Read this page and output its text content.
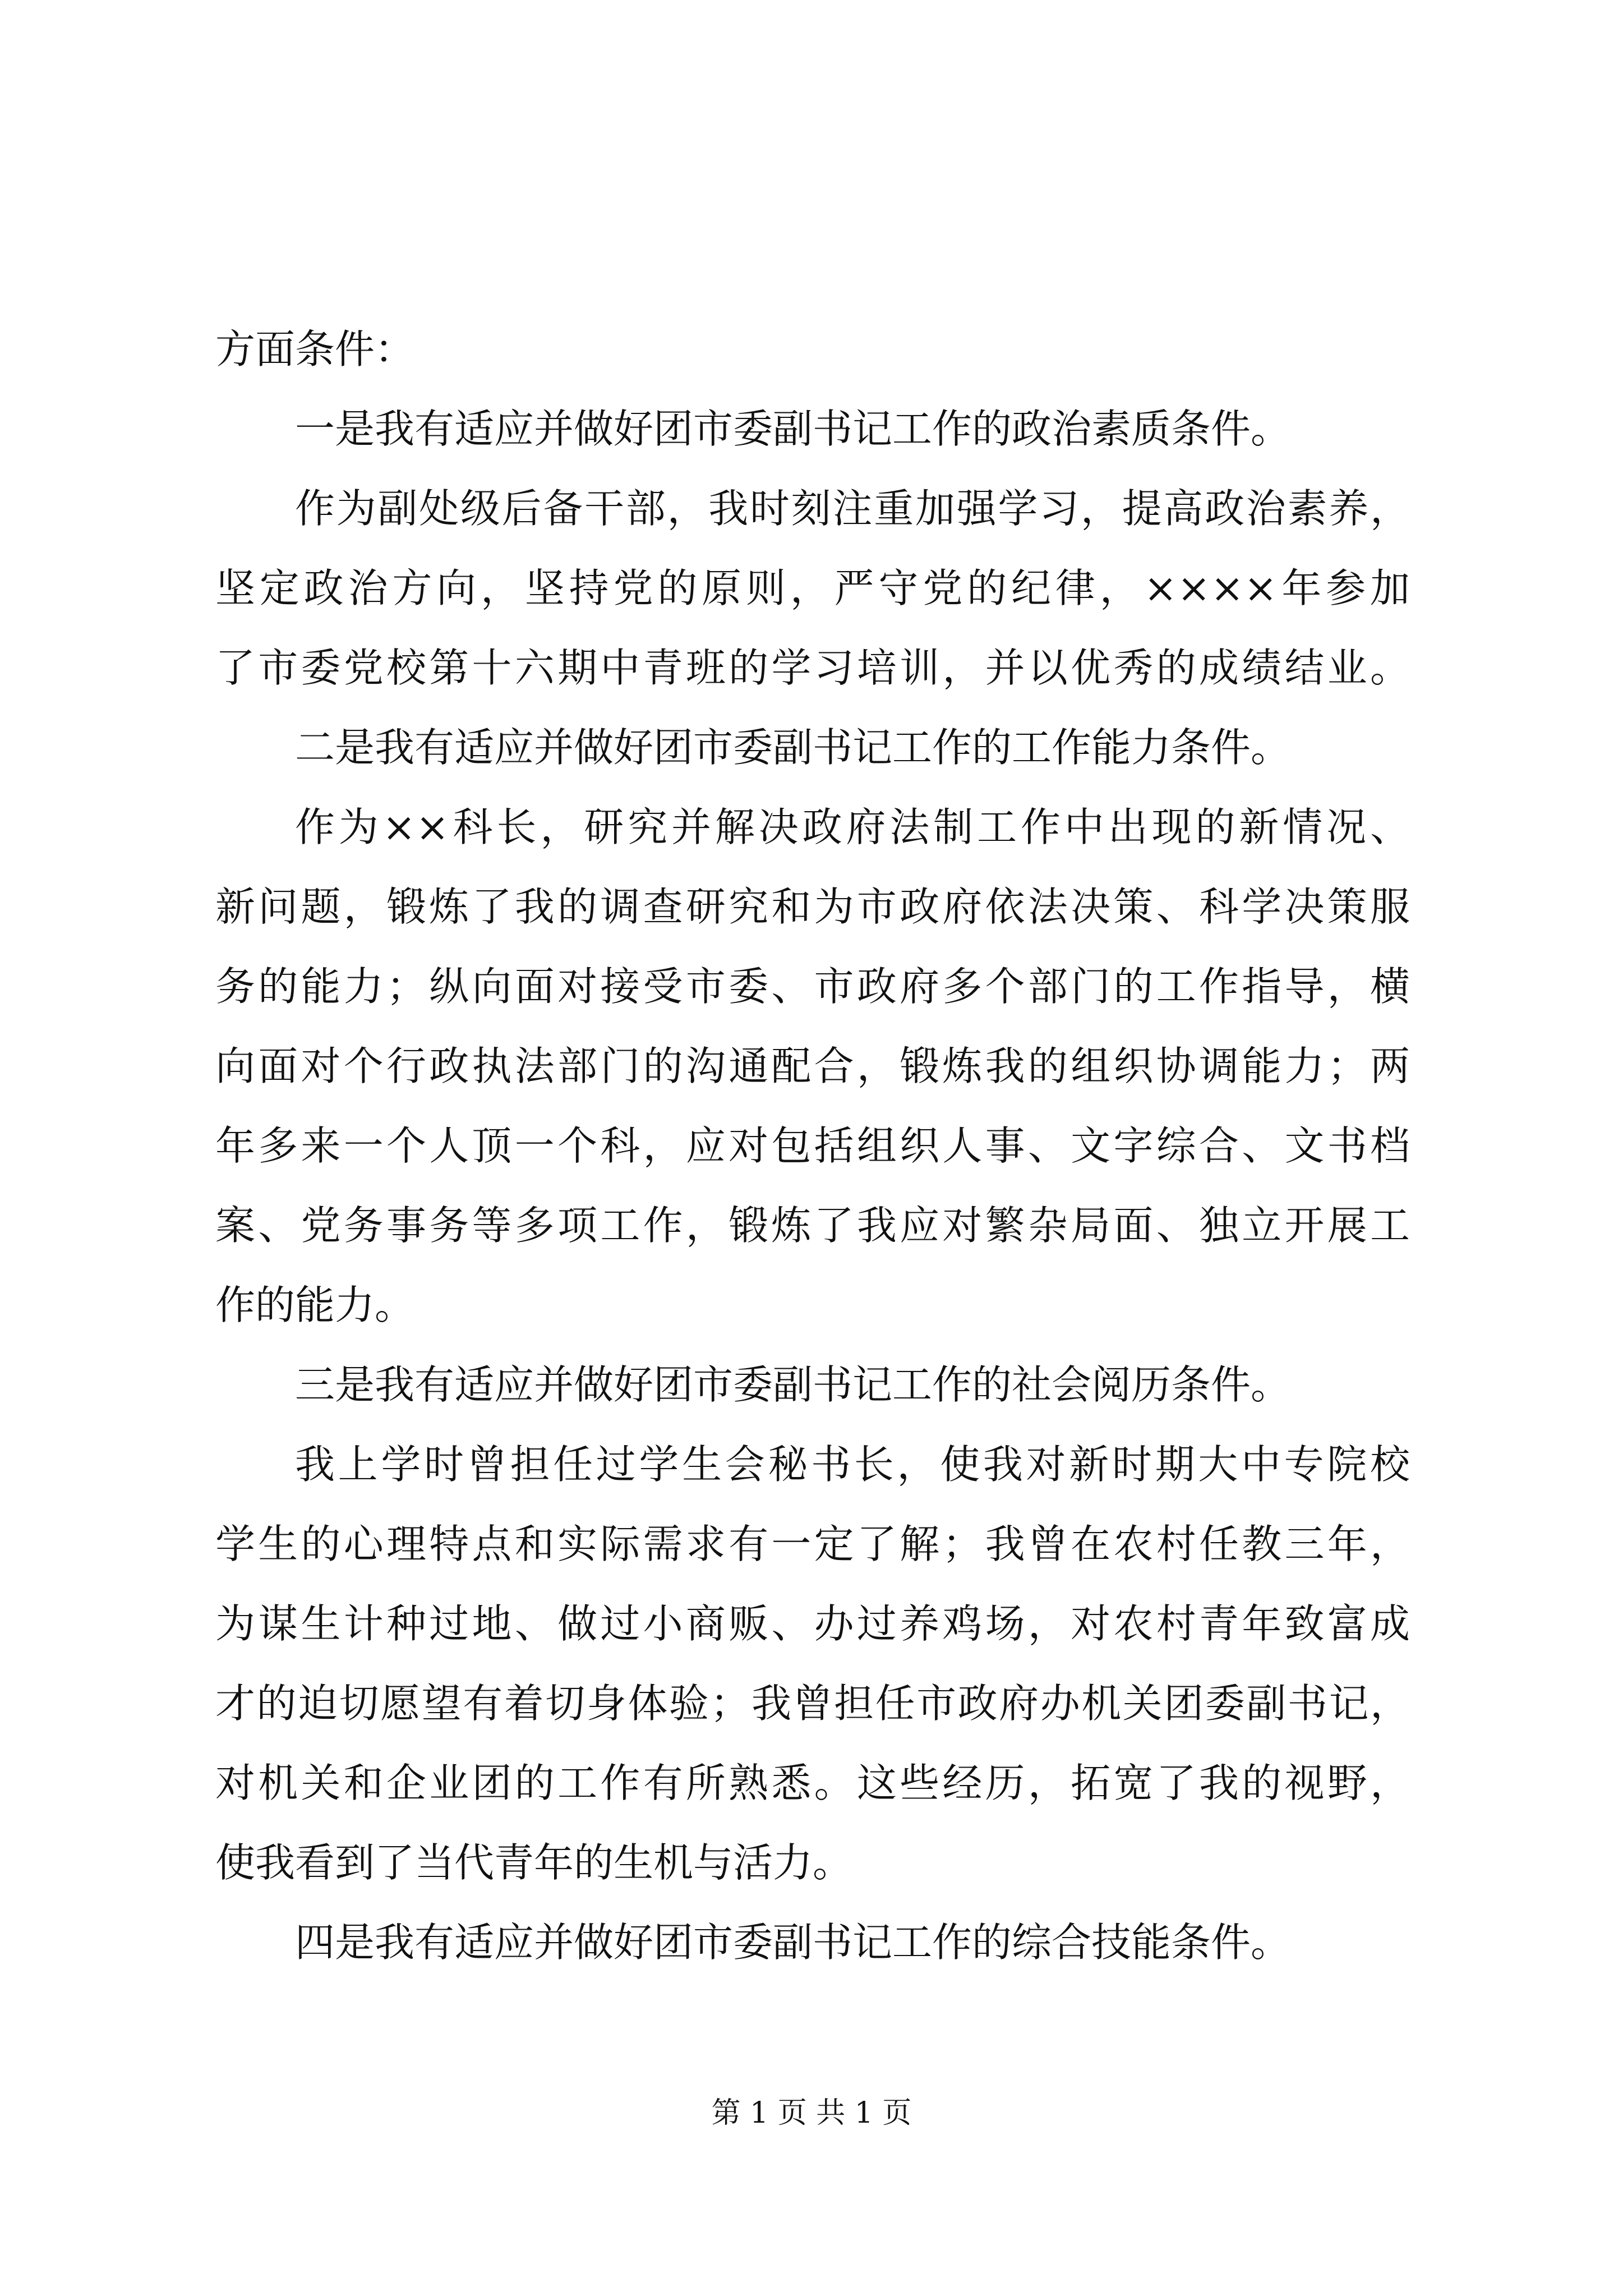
方面条件：
一是我有适应并做好团市委副书记工作的政治素质条件。
作为副处级后备干部，我时刻注重加强学习，提高政治素养，
坚定政治方向，坚持党的原则，严守党的纪律，××××年参加
了市委党校第十六期中青班的学习培训，并以优秀的成绩结业。
二是我有适应并做好团市委副书记工作的工作能力条件。
作为××科长，研究并解决政府法制工作中出现的新情况、
新问题，锻炼了我的调查研究和为市政府依法决策、科学决策服
务的能力；纵向面对接受市委、市政府多个部门的工作指导，横
向面对个行政执法部门的沟通配合，锻炼我的组织协调能力；两
年多来一个人顶一个科，应对包括组织人事、文字综合、文书档
案、党务事务等多项工作，锻炼了我应对繁杂局面、独立开展工
作的能力。
三是我有适应并做好团市委副书记工作的社会阅历条件。
我上学时曾担任过学生会秘书长，使我对新时期大中专院校
学生的心理特点和实际需求有一定了解；我曾在农村任教三年，
为谋生计种过地、做过小商贩、办过养鸡场，对农村青年致富成
才的迫切愿望有着切身体验；我曾担任市政府办机关团委副书记，
对机关和企业团的工作有所熟悉。这些经历，拓宽了我的视野，
使我看到了当代青年的生机与活力。
四是我有适应并做好团市委副书记工作的综合技能条件。
第 1 页 共 1 页
